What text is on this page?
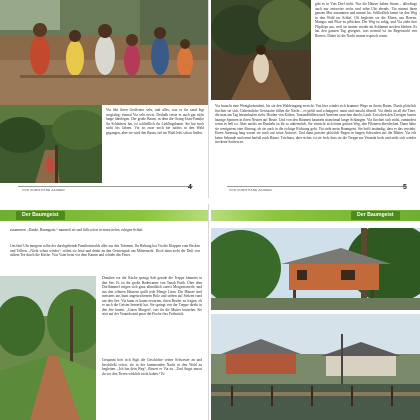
Via lebt ihren Großvater sehr, und alles, was er ihr sand legt sorgfaltig, einmal Via sehr erwst. Deshalb reiste es auch gar nicht lange überlegen. Der große Baum, in dem die Orang-Utan-Familie ihr Schlafnest hat, ist schließlich ihr Lieblingsbaum. Sie hat noch nicht bis Jahren. Via ist zwar noch nie nachts in den Wald gegangen, aber sie wird den Baum, tief im Wald lebt, schon finden.

VON CHRISTIANE ZANDER	4

gibt es in Vias Dorf nicht. Nur die Häuser haben Strom – allerdings auch nur zeitweise sechs und zehn Uhr abends. Via nimmt ihren ganzen Mut zusammen und nimmt los. Schließlich kennt sie den Weg in den Wald im Schlaf. Oft begleitet sie die Eltern, um Beeren, Mangos und Pilze zu pflücken. Der Weg ist ruhig, und Via zieht ihre Flipflops aus, weil sie immer wieder im Schlamm stecken bleiben. Es hat den ganzen Tag geregnet, was normal ist im Regenwald von Borneo. Daher ist die Nacht immer tropisch warm.

Via braucht eine Wenigkeitsinheit, bis sie den Waldeingang erreicht. Von hier windet sich krumme Wege zu ihrem Baum. Durch plötzlich fürchtet sie sich. Unheimliche Geräusche füllen die Nacht – es pfeift und schnippert, raunt und rauscht überall. Via denkt an all die Tiere, die man am Tag herumlaufen sieht. Horden von Käfern, Tausendfüßlern und Ameisen rauschen durchs Laub. Zwischen den Zweigen lauern haarige Spinnen in ihren Netzen auf Beute. Und von den Bäumen baumeln manchmal lange Schlangen. Via fürchtet sich nicht, zumindest wenn es hell ist. Aber nachts im Dunkeln ist ihr so unheimlich. Sie wünscht sich einen grünen Weg, den Pflanzen überdecken. Dann hätte sie wenigstens eine Ahnung, ob sie auch in die richtige Richtung geht. Via sieht mein Baumgeist. Sie hofft inständig, dass er das versteht. Einen Atemzug lang wartet sie noch auf seine Antwort. Und dann passiert plötzlich Regen in langen Schwaden auf die Blätter. Via eilt keine Sekunde und rennt barfuß nach Hause. Triefnass, aber sicher, ist sie froh, dass sie die Treppe zur Veranda hoch und zieht sich wieder trockene Sachen an.

VON CHRISTIANE ZANDER	5
Der Baumgeist

zusammen. „Danke, Baumgeist,“ murmelt sie und fällt sofort in einen tiefen, ruhigen Schlaf.

Um fünf Uhr morgens rollte der durchgehende Familienstrahls aller aus den Träumen. Ihr Haltung hat Via die Klappen vom Becken und Tellern. „Nicht schon wieder“, stöhnt sie leise und denkt an den Geisterspuk um Mitternacht. Doch dann zieht der Duft von süßem Tee durch die Küche. Vias Vater heizt vor dem Kamin und schiebt das Feuer.

Draußen vor der Küche springt Saft gerade die Treppe hinunter in den See. Er ist die große Badewanne von Tanah Putih. Über dem Dorfhimmel zeigen sich ganz allmählich zuerst Morgenrotteile, und aus den offenen Häusern quillt jede Menge Lärm. Die Häuser sind meistens aus bunt angestrichenem Holz und stehen auf Stelzen rund um den See. Via kann es kaum erwarten, ihren Bruder zu fragen, ob er auch die Geister bemerkt hat. Sie springt von der Treppe direkt in den See hinein. „Guten Morgen“, ruft ihr die Mutter hinterher. Sie sitzt auf der Veranda und putzt die Fische fürs Frühstück.

Gespannt hört sich Sigit die Geschichte seiner Schwester an und beschließt sofort, sie in der kommenden Nacht in den Wald zu begleiten. „Ich bin dein Weg“, flüstert er Via zu. „Und Angst musst du vor den Tieren wirklich nicht haben.“ Er

Der Baumgeist
